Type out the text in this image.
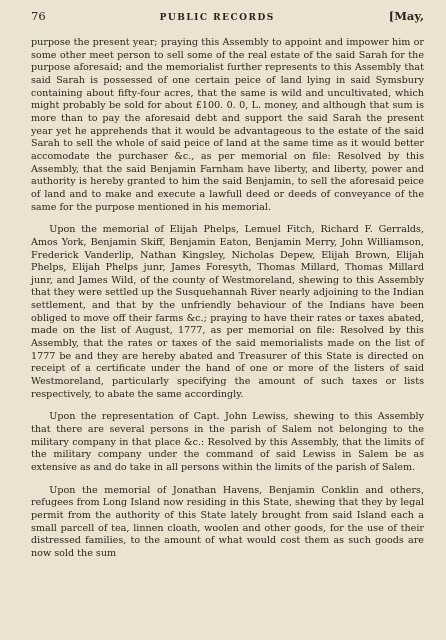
76	PUBLIC RECORDS	[May,

purpose the present year; praying this Assembly to appoint and impower him or some other meet person to sell some of the real estate of the said Sarah for the purpose aforesaid; and the memorialist further represents to this Assembly that said Sarah is possessed of one certain peice of land lying in said Symsbury containing about fifty-four acres, that the same is wild and uncultivated, which might probably be sold for about £100. 0. 0, L. money, and although that sum is more than to pay the aforesaid debt and support the said Sarah the present year yet he apprehends that it would be advantageous to the estate of the said Sarah to sell the whole of said peice of land at the same time as it would better accomodate the purchaser &c., as per memorial on file: Resolved by this Assembly, that the said Benjamin Farnham have liberty, and liberty, power and authority is hereby granted to him the said Benjamin, to sell the aforesaid peice of land and to make and execute a lawfull deed or deeds of conveyance of the same for the purpose mentioned in his memorial.

Upon the memorial of Elijah Phelps, Lemuel Fitch, Richard F. Gerralds, Amos York, Benjamin Skiff, Benjamin Eaton, Benjamin Merry, John Williamson, Frederick Vanderlip, Nathan Kingsley, Nicholas Depew, Elijah Brown, Elijah Phelps, Elijah Phelps junr, James Foresyth, Thomas Millard, Thomas Millard junr, and James Wild, of the county of Westmoreland, shewing to this Assembly that they were settled up the Susquehannah River nearly adjoining to the Indian settlement, and that by the unfriendly behaviour of the Indians have been obliged to move off their farms &c.; praying to have their rates or taxes abated, made on the list of August, 1777, as per memorial on file: Resolved by this Assembly, that the rates or taxes of the said memorialists made on the list of 1777 be and they are hereby abated and Treasurer of this State is directed on receipt of a certificate under the hand of one or more of the listers of said Westmoreland, particularly specifying the amount of such taxes or lists respectively, to abate the same accordingly.

Upon the representation of Capt. John Lewiss, shewing to this Assembly that there are several persons in the parish of Salem not belonging to the military company in that place &c.: Resolved by this Assembly, that the limits of the military company under the command of said Lewiss in Salem be as extensive as and do take in all persons within the limits of the parish of Salem.

Upon the memorial of Jonathan Havens, Benjamin Conklin and others, refugees from Long Island now residing in this State, shewing that they by legal permit from the authority of this State lately brought from said Island each a small parcell of tea, linnen cloath, woolen and other goods, for the use of their distressed families, to the amount of what would cost them as such goods are now sold the sum
